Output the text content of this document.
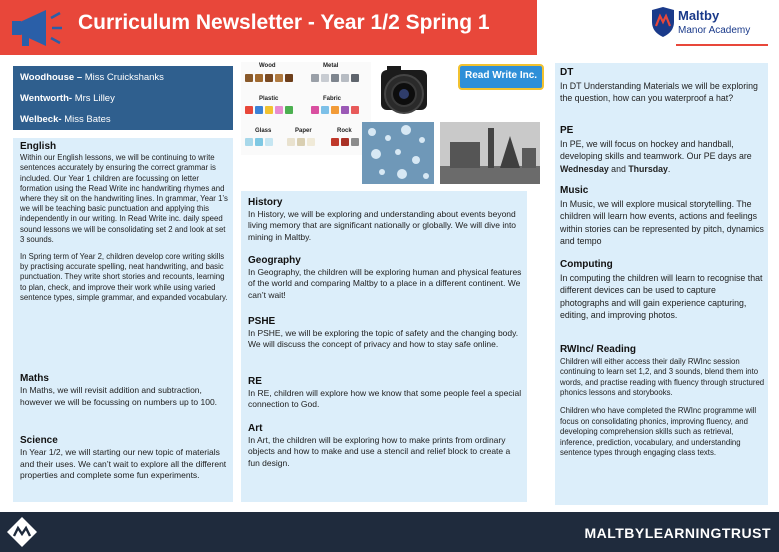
Curriculum Newsletter - Year 1/2 Spring 1	Maltby
Manor Academy
Woodhouse – Miss Cruickshanks
Wentworth- Mrs Lilley
Welbeck- Miss Bates
Wood	Metal
Plastic	Fabric
Glass	Paper	Rock
Read Write Inc.
English

Within our English lessons, we will be continuing to write sentences accurately by ensuring the correct grammar is included. Our Year 1 children are focussing on letter formation using the Read Write inc handwriting rhymes and where they sit on the handwriting lines. In grammar, Year 1’s we will be teaching basic punctuation and applying this independently in our writing. In Read Write inc. daily speed sound lessons we will be consolidating set 2 and look at set 3 sounds.

In Spring term of Year 2, children develop core writing skills by practising accurate spelling, neat handwriting, and basic punctuation. They write short stories and recounts, learning to plan, check, and improve their work while using varied sentence types, simple grammar, and expanded vocabulary.

Maths

In Maths, we will revisit addition and subtraction, however we will be focussing on numbers up to 100.

Science

In Year 1/2, we will starting our new topic of materials and their uses. We can’t wait to explore all the different properties and complete some fun experiments.

History

In History, we will be exploring and understanding about events beyond living memory that are significant nationally or globally. We will dive into mining in Maltby.

Geography

In Geography, the children will be exploring human and physical features of the world and comparing Maltby to a place in a different continent. We can’t wait!

PSHE

In PSHE, we will be exploring the topic of safety and the changing body. We will discuss the concept of privacy and how to stay safe online.

RE

In RE, children will explore how we know that some people feel a special connection to God.

Art

In Art, the children will be exploring how to make prints from ordinary objects and how to make and use a stencil and relief block to create a fun design.

DT

In DT Understanding Materials we will be exploring the question, how can you waterproof a hat?

PE

In PE, we will focus on hockey and handball, developing skills and teamwork. Our PE days are Wednesday and Thursday.

Music

In Music, we will explore musical storytelling. The children will learn how events, actions and feelings within stories can be represented by pitch, dynamics and tempo

Computing

In computing the children will learn to recognise that different devices can be used to capture photographs and will gain experience capturing, editing, and improving photos.

RWInc/ Reading

Children will either access their daily RWInc session continuing to learn set 1,2, and 3 sounds, blend them into words, and practise reading with fluency through structured phonics lessons and storybooks.

Children who have completed the RWInc programme will focus on consolidating phonics, improving fluency, and developing comprehension skills such as retrieval, inference, prediction, vocabulary, and understanding sentence types through engaging class texts.

MALTBYLEARNINGTRUST
